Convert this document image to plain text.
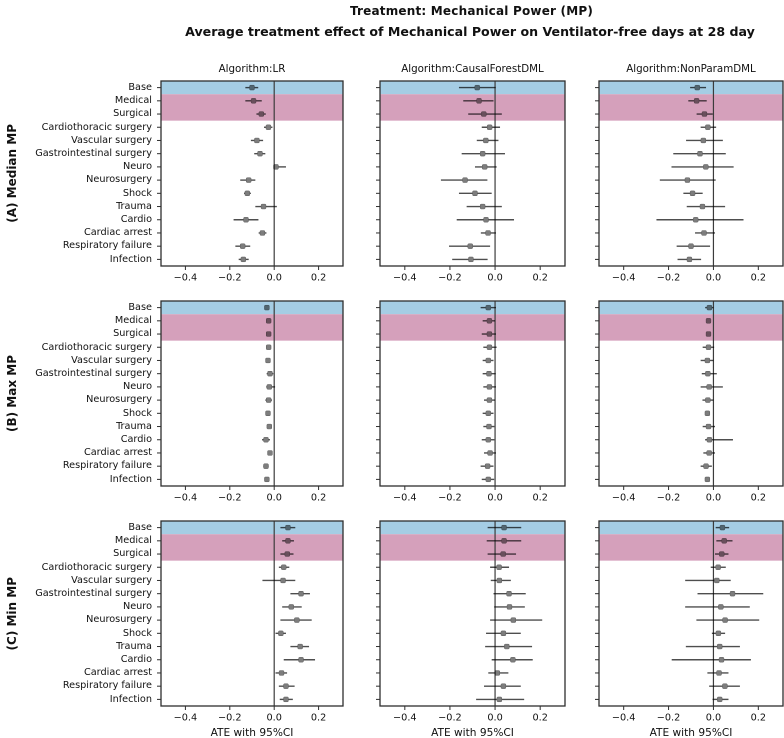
Treatment: Mechanical Power (MP)
Average treatment effect of Mechanical Power on Ventilator-free days at 28 day
Algorithm:LR	Algorithm:CausalForestDML	Algorithm:NonParamDML
(A) Median MP
(B) Max MP
(C) Min MP
−0.4 −0.2	0.0	0.2
Base
Medical
Surgical
Cardiothoracic surgery
Vascular surgery
Gastrointestinal surgery
Neuro
Neurosurgery
Shock
Trauma
Cardio
Cardiac arrest
Respiratory failure
Infection
−0.4 −0.2	0.0	0.2	−0.4 −0.2	0.0	0.2
−0.4 −0.2	0.0	0.2
Base
Medical
Surgical
Cardiothoracic surgery
Vascular surgery
Gastrointestinal surgery
Neuro
Neurosurgery
Shock
Trauma
Cardio
Cardiac arrest
Respiratory failure
Infection
−0.4 −0.2	0.0	0.2	−0.4 −0.2	0.0	0.2
−0.4 −0.2	0.0	0.2
ATE with 95%CI
Base
Medical
Surgical
Cardiothoracic surgery
Vascular surgery
Gastrointestinal surgery
Neuro
Neurosurgery
Shock
Trauma
Cardio
Cardiac arrest
Respiratory failure
Infection
−0.4 −0.2	0.0	0.2
ATE with 95%CI
−0.4 −0.2	0.0	0.2
ATE with 95%CI
